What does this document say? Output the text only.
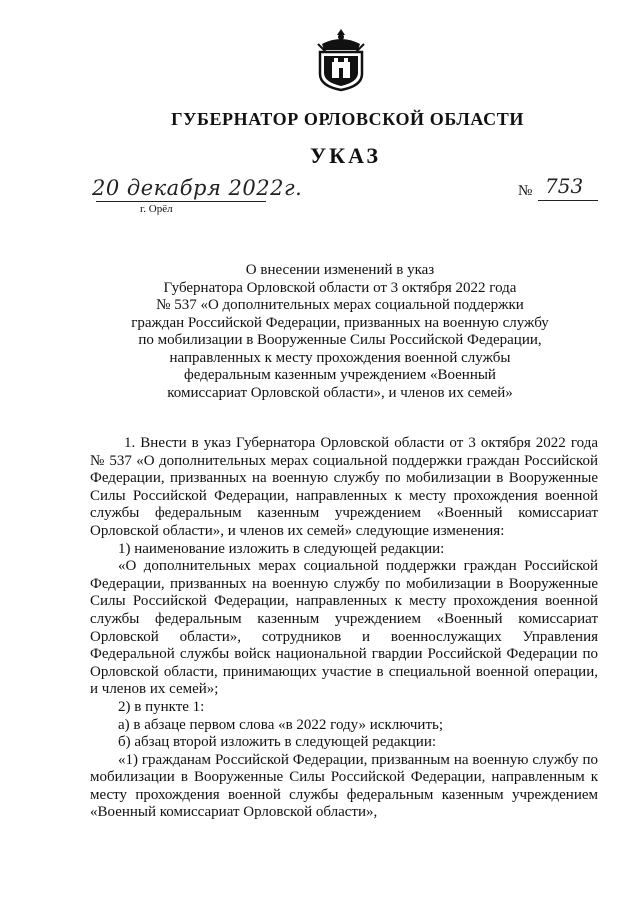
ГУБЕРНАТОР ОРЛОВСКОЙ ОБЛАСТИ
УКАЗ
20 декабря 2022г.
г. Орёл
№ 753
О внесении изменений в указ
Губернатора Орловской области от 3 октября 2022 года
№ 537 «О дополнительных мерах социальной поддержки
граждан Российской Федерации, призванных на военную службу
по мобилизации в Вооруженные Силы Российской Федерации,
направленных к месту прохождения военной службы
федеральным казенным учреждением «Военный
комиссариат Орловской области», и членов их семей»

1. Внести в указ Губернатора Орловской области от 3 октября 2022 года № 537 «О дополнительных мерах социальной поддержки граждан Российской Федерации, призванных на военную службу по мобилизации в Вооруженные Силы Российской Федерации, направленных к месту прохождения военной службы федеральным казенным учреждением «Военный комиссариат Орловской области», и членов их семей» следующие изменения:

1) наименование изложить в следующей редакции:

«О дополнительных мерах социальной поддержки граждан Российской Федерации, призванных на военную службу по мобилизации в Вооруженные Силы Российской Федерации, направленных к месту прохождения военной службы федеральным казенным учреждением «Военный комиссариат Орловской области», сотрудников и военнослужащих Управления Федеральной службы войск национальной гвардии Российской Федерации по Орловской области, принимающих участие в специальной военной операции, и членов их семей»;

2) в пункте 1:

а) в абзаце первом слова «в 2022 году» исключить;

б) абзац второй изложить в следующей редакции:

«1) гражданам Российской Федерации, призванным на военную службу по мобилизации в Вооруженные Силы Российской Федерации, направленным к месту прохождения военной службы федеральным казенным учреждением «Военный комиссариат Орловской области»,
